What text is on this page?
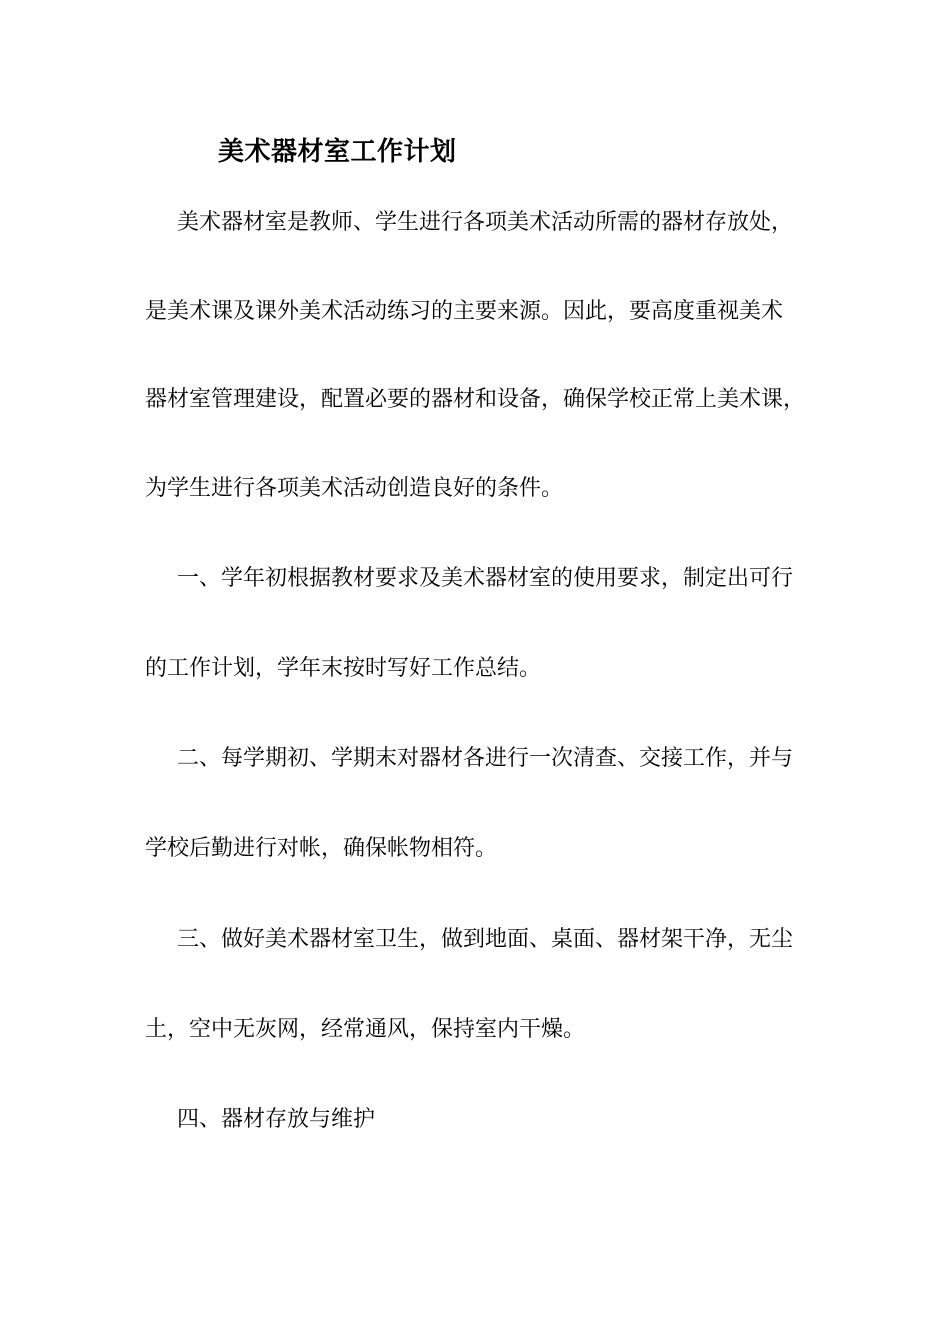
美术器材室工作计划
美术器材室是教师、学生进行各项美术活动所需的器材存放处，
是美术课及课外美术活动练习的主要来源。因此，要高度重视美术
器材室管理建设，配置必要的器材和设备，确保学校正常上美术课，
为学生进行各项美术活动创造良好的条件。
一、学年初根据教材要求及美术器材室的使用要求，制定出可行
的工作计划，学年末按时写好工作总结。
二、每学期初、学期末对器材各进行一次清查、交接工作，并与
学校后勤进行对帐，确保帐物相符。
三、做好美术器材室卫生，做到地面、桌面、器材架干净，无尘
土，空中无灰网，经常通风，保持室内干燥。
四、器材存放与维护
